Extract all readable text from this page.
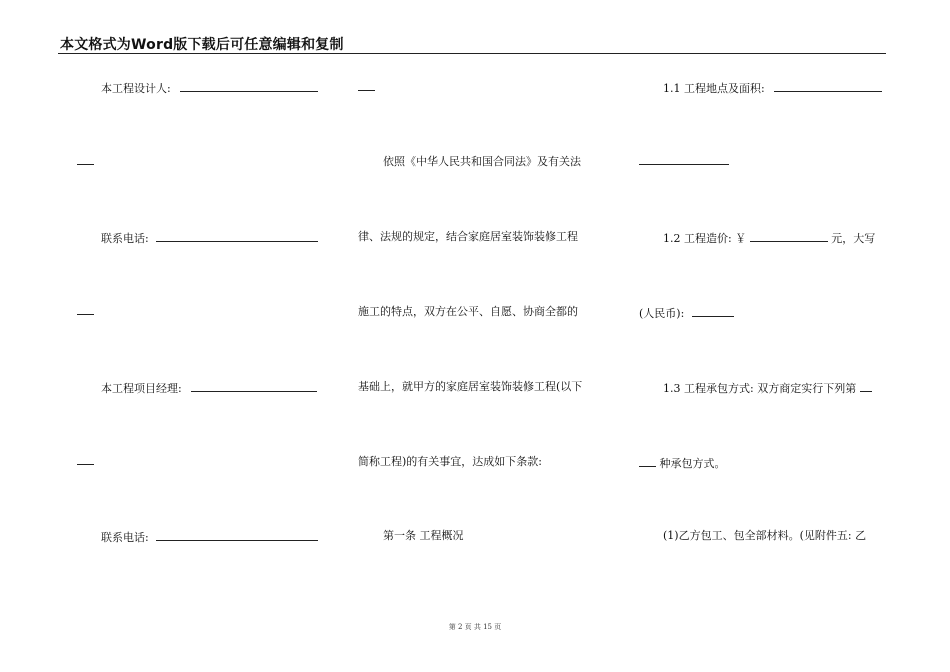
本文格式为Word版下载后可任意编辑和复制
本工程设计人:
联系电话:
本工程项目经理:
联系电话:
依照《中华人民共和国合同法》及有关法
律、法规的规定，结合家庭居室装饰装修工程
施工的特点，双方在公平、自愿、协商全都的
基础上，就甲方的家庭居室装饰装修工程(以下
简称工程)的有关事宜，达成如下条款:
第一条 工程概况
1.1 工程地点及面积:
1.2 工程造价: ￥	元，大写
(人民币):
1.3 工程承包方式: 双方商定实行下列第
种承包方式。
(1)乙方包工、包全部材料。(见附件五: 乙
第 2 页 共 15 页
